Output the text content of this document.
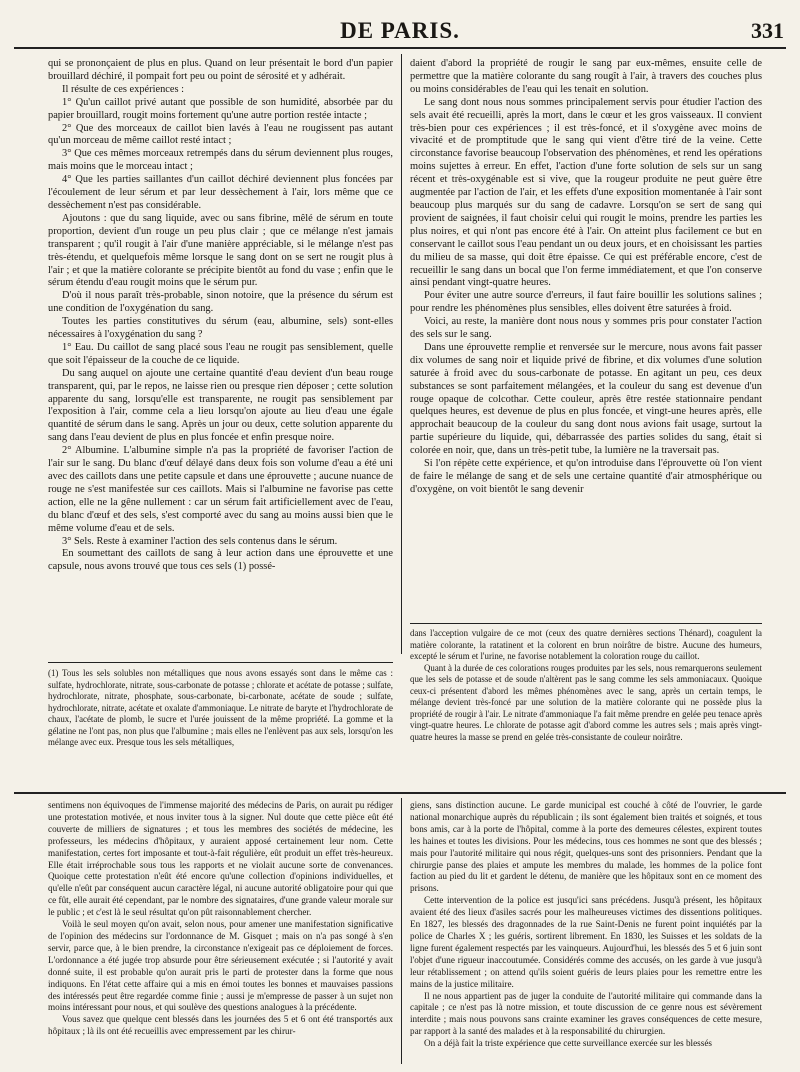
DE PARIS.	331

qui se prononçaient de plus en plus. Quand on leur présentait le bord d'un papier brouillard déchiré, il pompait fort peu ou point de sérosité et y adhérait.

Il résulte de ces expériences :

1° Qu'un caillot privé autant que possible de son humidité, absorbée par du papier brouillard, rougit moins fortement qu'une autre portion restée intacte ;

2° Que des morceaux de caillot bien lavés à l'eau ne rougissent pas autant qu'un morceau de même caillot resté intact ;

3° Que ces mêmes morceaux retrempés dans du sérum deviennent plus rouges, mais moins que le morceau intact ;

4° Que les parties saillantes d'un caillot déchiré deviennent plus foncées par l'écoulement de leur sérum et par leur dessèchement à l'air, lors même que ce dessèchement n'est pas considérable.

Ajoutons : que du sang liquide, avec ou sans fibrine, mêlé de sérum en toute proportion, devient d'un rouge un peu plus clair ; que ce mélange n'est jamais transparent ; qu'il rougit à l'air d'une manière appréciable, si le mélange n'est pas très-étendu, et quelquefois même lorsque le sang dont on se sert ne rougit plus à l'air ; et que la matière colorante se précipite bientôt au fond du vase ; enfin que le sérum étendu d'eau rougit moins que le sérum pur.

D'où il nous paraît très-probable, sinon notoire, que la présence du sérum est une condition de l'oxygénation du sang.

Toutes les parties constitutives du sérum (eau, albumine, sels) sont-elles nécessaires à l'oxygénation du sang ?

1° Eau. Du caillot de sang placé sous l'eau ne rougit pas sensiblement, quelle que soit l'épaisseur de la couche de ce liquide.

Du sang auquel on ajoute une certaine quantité d'eau devient d'un beau rouge transparent, qui, par le repos, ne laisse rien ou presque rien déposer ; cette solution apparente du sang, lorsqu'elle est transparente, ne rougit pas sensiblement par l'exposition à l'air, comme cela a lieu lorsqu'on ajoute au lieu d'eau une égale quantité de sérum dans le sang. Après un jour ou deux, cette solution apparente du sang dans l'eau devient de plus en plus foncée et enfin presque noire.

2° Albumine. L'albumine simple n'a pas la propriété de favoriser l'action de l'air sur le sang. Du blanc d'œuf délayé dans deux fois son volume d'eau a été uni avec des caillots dans une petite capsule et dans une éprouvette ; aucune nuance de rouge ne s'est manifestée sur ces caillots. Mais si l'albumine ne favorise pas cette action, elle ne la gêne nullement : car un sérum fait artificiellement avec de l'eau, du blanc d'œuf et des sels, s'est comporté avec du sang au moins aussi bien que le même volume d'eau et de sels.

3° Sels. Reste à examiner l'action des sels contenus dans le sérum.

En soumettant des caillots de sang à leur action dans une éprouvette et une capsule, nous avons trouvé que tous ces sels (1) possé-

daient d'abord la propriété de rougir le sang par eux-mêmes, ensuite celle de permettre que la matière colorante du sang rougît à l'air, à travers des couches plus ou moins considérables de l'eau qui les tenait en solution.

Le sang dont nous nous sommes principalement servis pour étudier l'action des sels avait été recueilli, après la mort, dans le cœur et les gros vaisseaux. Il convient très-bien pour ces expériences ; il est très-foncé, et il s'oxygène avec moins de vivacité et de promptitude que le sang qui vient d'être tiré de la veine. Cette circonstance favorise beaucoup l'observation des phénomènes, et rend les opérations moins sujettes à erreur. En effet, l'action d'une forte solution de sels sur un sang récent et très-oxygénable est si vive, que la rougeur produite ne peut guère être augmentée par l'action de l'air, et les effets d'une exposition momentanée à l'air sont beaucoup plus marqués sur du sang de cadavre. Lorsqu'on se sert de sang qui provient de saignées, il faut choisir celui qui rougit le moins, prendre les parties les plus noires, et qui n'ont pas encore été à l'air. On atteint plus facilement ce but en conservant le caillot sous l'eau pendant un ou deux jours, et en choisissant les parties du milieu de sa masse, qui doit être épaisse. Ce qui est préférable encore, c'est de recueillir le sang dans un bocal que l'on ferme immédiatement, et que l'on conserve ainsi pendant vingt-quatre heures.

Pour éviter une autre source d'erreurs, il faut faire bouillir les solutions salines ; pour rendre les phénomènes plus sensibles, elles doivent être saturées à froid.

Voici, au reste, la manière dont nous nous y sommes pris pour constater l'action des sels sur le sang.

Dans une éprouvette remplie et renversée sur le mercure, nous avons fait passer dix volumes de sang noir et liquide privé de fibrine, et dix volumes d'une solution saturée à froid avec du sous-carbonate de potasse. En agitant un peu, ces deux substances se sont parfaitement mélangées, et la couleur du sang est devenue d'un rouge opaque de colcothar. Cette couleur, après être restée stationnaire pendant quelques heures, est devenue de plus en plus foncée, et vingt-une heures après, elle approchait beaucoup de la couleur du sang dont nous avions fait usage, surtout la partie supérieure du liquide, qui, débarrassée des parties solides du sang, était si colorée en noir, que, dans un très-petit tube, la lumière ne la traversait pas.

Si l'on répète cette expérience, et qu'on introduise dans l'éprouvette où l'on vient de faire le mélange de sang et de sels une certaine quantité d'air atmosphérique ou d'oxygène, on voit bientôt le sang devenir

(1) Tous les sels solubles non métalliques que nous avons essayés sont dans le même cas : sulfate, hydrochlorate, nitrate, sous-carbonate de potasse ; chlorate et acétate de potasse ; sulfate, hydrochlorate, nitrate, phosphate, sous-carbonate, bi-carbonate, acétate de soude ; sulfate, hydrochlorate, nitrate, acétate et oxalate d'ammoniaque. Le nitrate de baryte et l'hydrochlorate de chaux, l'acétate de plomb, le sucre et l'urée jouissent de la même propriété. La gomme et la gélatine ne l'ont pas, non plus que l'albumine ; mais elles ne l'enlèvent pas aux sels, lorsqu'on les mélange avec eux. Presque tous les sels métalliques,

dans l'acception vulgaire de ce mot (ceux des quatre dernières sections Thénard), coagulent la matière colorante, la ratatinent et la colorent en brun noirâtre de bistre. Aucune des humeurs, excepté le sérum et l'urine, ne favorise notablement la coloration rouge du caillot.

Quant à la durée de ces colorations rouges produites par les sels, nous remarquerons seulement que les sels de potasse et de soude n'altèrent pas le sang comme les sels ammoniacaux. Quoique ceux-ci présentent d'abord les mêmes phénomènes avec le sang, après un certain temps, le mélange devient très-foncé par une solution de la matière colorante qui ne possède plus la propriété de rougir à l'air. Le nitrate d'ammoniaque l'a fait même prendre en gelée peu tenace après vingt-quatre heures. Le chlorate de potasse agit d'abord comme les autres sels ; mais après vingt-quatre heures la masse se prend en gelée très-consistante de couleur noirâtre.

sentimens non équivoques de l'immense majorité des médecins de Paris, on aurait pu rédiger une protestation motivée, et nous inviter tous à la signer. Nul doute que cette pièce eût été couverte de milliers de signatures ; et tous les membres des sociétés de médecine, les professeurs, les médecins d'hôpitaux, y auraient apposé certainement leur nom. Cette manifestation, certes fort imposante et tout-à-fait régulière, eût produit un effet très-heureux. Elle était irréprochable sous tous les rapports et ne violait aucune sorte de convenances. Quoique cette protestation n'eût été encore qu'une collection d'opinions individuelles, et qu'elle n'eût par conséquent aucun caractère légal, ni aucune autorité obligatoire pour qui que ce fût, elle aurait été cependant, par le nombre des signataires, d'une grande valeur morale sur le public ; et c'est là le seul résultat qu'on pût raisonnablement chercher.

Voilà le seul moyen qu'on avait, selon nous, pour amener une manifestation significative de l'opinion des médecins sur l'ordonnance de M. Gisquet ; mais on n'a pas songé à s'en servir, parce que, à le bien prendre, la circonstance n'exigeait pas ce déploiement de forces. L'ordonnance a été jugée trop absurde pour être sérieusement exécutée ; si l'autorité y avait donné suite, il est probable qu'on aurait pris le parti de protester dans la forme que nous indiquons. En l'état cette affaire qui a mis en émoi toutes les bonnes et mauvaises passions des intéressés peut être regardée comme finie ; aussi je m'empresse de passer à un sujet non moins intéressant pour nous, et qui soulève des questions analogues à la précédente.

Vous savez que quelque cent blessés dans les journées des 5 et 6 ont été transportés aux hôpitaux ; là ils ont été recueillis avec empressement par les chirur-

giens, sans distinction aucune. Le garde municipal est couché à côté de l'ouvrier, le garde national monarchique auprès du républicain ; ils sont également bien traités et soignés, et tous bons amis, car à la porte de l'hôpital, comme à la porte des demeures célestes, expirent toutes les haines et toutes les divisions. Pour les médecins, tous ces hommes ne sont que des blessés ; mais pour l'autorité militaire qui nous régit, quelques-uns sont des prisonniers. Pendant que la chirurgie panse des plaies et ampute les membres du malade, les hommes de la police font faction au pied du lit et gardent le détenu, de manière que les hôpitaux sont en ce moment des prisons.

Cette intervention de la police est jusqu'ici sans précédens. Jusqu'à présent, les hôpitaux avaient été des lieux d'asiles sacrés pour les malheureuses victimes des dissentions politiques. En 1827, les blessés des dragonnades de la rue Saint-Denis ne furent point inquiétés par la police de Charles X ; les guéris, sortirent librement. En 1830, les Suisses et les soldats de la ligne furent également respectés par les vainqueurs. Aujourd'hui, les blessés des 5 et 6 juin sont l'objet d'une rigueur inaccoutumée. Considérés comme des accusés, on les garde à vue jusqu'à leur rétablissement ; on attend qu'ils soient guéris de leurs plaies pour les remettre entre les mains de la justice militaire.

Il ne nous appartient pas de juger la conduite de l'autorité militaire qui commande dans la capitale ; ce n'est pas là notre mission, et toute discussion de ce genre nous est sévèrement interdite ; mais nous pouvons sans crainte examiner les graves conséquences de cette mesure, par rapport à la santé des malades et à la responsabilité du chirurgien.

On a déjà fait la triste expérience que cette surveillance exercée sur les blessés
